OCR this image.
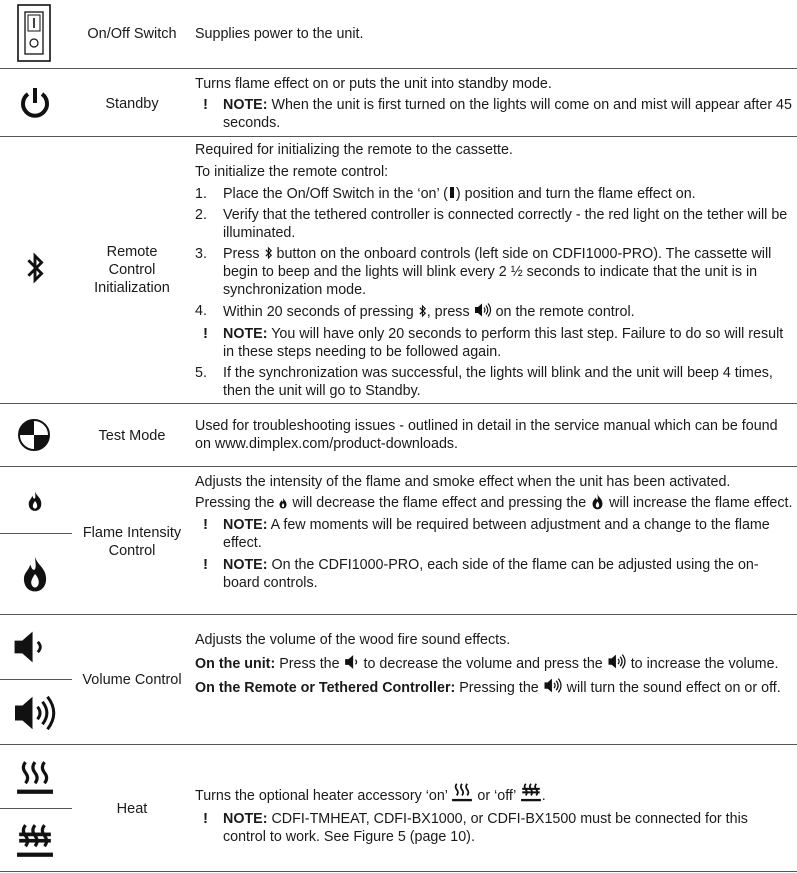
On/Off Switch	Supplies power to the unit.

Standby

Turns flame effect on or puts the unit into standby mode.

! NOTE: When the unit is first turned on the lights will come on and mist will appear after 45 seconds.

Remote
Control
Initialization

Required for initializing the remote to the cassette.

To initialize the remote control:

1. Place the On/Off Switch in the ‘on’ ( ) position and turn the flame effect on.

2. Verify that the tethered controller is connected correctly - the red light on the tether will be illuminated.

3. Press
button on the onboard controls (left side on CDFI1000-PRO). The cassette will begin to beep and the lights will blink every 2 ½ seconds to indicate that the unit is in synchronization mode.

4. Within 20 seconds of pressing
, press
on the remote control.

! NOTE: You will have only 20 seconds to perform this last step. Failure to do so will result in these steps needing to be followed again.

5. If the synchronization was successful, the lights will blink and the unit will beep 4 times, then the unit will go to Standby.

Test Mode

Used for troubleshooting issues - outlined in detail in the service manual which can be found on www.dimplex.com/product-downloads.

Flame Intensity
Control

Adjusts the intensity of the flame and smoke effect when the unit has been activated.

Pressing the
will decrease the flame effect and pressing the
will increase the flame effect.

! NOTE: A few moments will be required between adjustment and a change to the flame effect.

! NOTE: On the CDFI1000-PRO, each side of the flame can be adjusted using the on-board controls.

Volume Control

Adjusts the volume of the wood fire sound effects.

On the unit: Press the
to decrease the volume and press the
to increase the volume.

On the Remote or Tethered Controller: Pressing the
will turn the sound effect on or off.

Heat

Turns the optional heater accessory ‘on’
or ‘off’
.

! NOTE: CDFI-TMHEAT, CDFI-BX1000, or CDFI-BX1500 must be connected for this control to work. See Figure 5 (page 10).
